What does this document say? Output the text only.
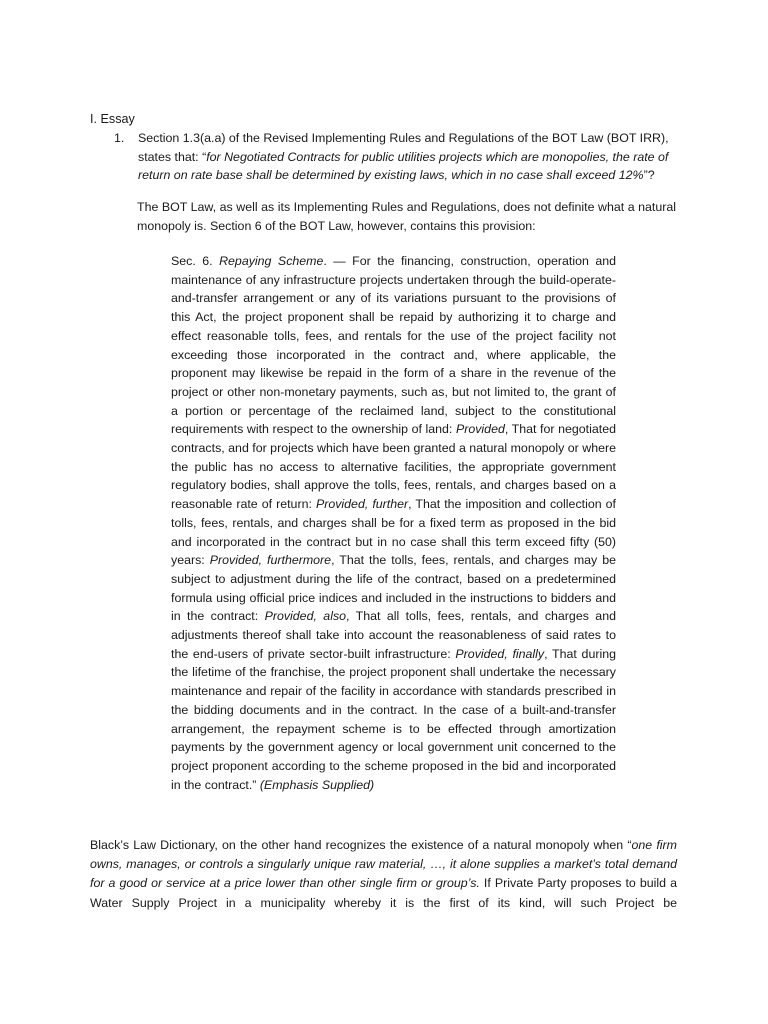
I. Essay
1.	Section 1.3(a.a) of the Revised Implementing Rules and Regulations of the BOT Law (BOT IRR), states that: “for Negotiated Contracts for public utilities projects which are monopolies, the rate of return on rate base shall be determined by existing laws, which in no case shall exceed 12%”?
The BOT Law, as well as its Implementing Rules and Regulations, does not definite what a natural monopoly is. Section 6 of the BOT Law, however, contains this provision:
Sec. 6. Repaying Scheme. — For the financing, construction, operation and maintenance of any infrastructure projects undertaken through the build-operate-and-transfer arrangement or any of its variations pursuant to the provisions of this Act, the project proponent shall be repaid by authorizing it to charge and effect reasonable tolls, fees, and rentals for the use of the project facility not exceeding those incorporated in the contract and, where applicable, the proponent may likewise be repaid in the form of a share in the revenue of the project or other non-monetary payments, such as, but not limited to, the grant of a portion or percentage of the reclaimed land, subject to the constitutional requirements with respect to the ownership of land: Provided, That for negotiated contracts, and for projects which have been granted a natural monopoly or where the public has no access to alternative facilities, the appropriate government regulatory bodies, shall approve the tolls, fees, rentals, and charges based on a reasonable rate of return: Provided, further, That the imposition and collection of tolls, fees, rentals, and charges shall be for a fixed term as proposed in the bid and incorporated in the contract but in no case shall this term exceed fifty (50) years: Provided, furthermore, That the tolls, fees, rentals, and charges may be subject to adjustment during the life of the contract, based on a predetermined formula using official price indices and included in the instructions to bidders and in the contract: Provided, also, That all tolls, fees, rentals, and charges and adjustments thereof shall take into account the reasonableness of said rates to the end-users of private sector-built infrastructure: Provided, finally, That during the lifetime of the franchise, the project proponent shall undertake the necessary maintenance and repair of the facility in accordance with standards prescribed in the bidding documents and in the contract. In the case of a built-and-transfer arrangement, the repayment scheme is to be effected through amortization payments by the government agency or local government unit concerned to the project proponent according to the scheme proposed in the bid and incorporated in the contract.” (Emphasis Supplied)
Black’s Law Dictionary, on the other hand recognizes the existence of a natural monopoly when “one firm owns, manages, or controls a singularly unique raw material, …, it alone supplies a market’s total demand for a good or service at a price lower than other single firm or group’s. If Private Party proposes to build a Water Supply Project in a municipality whereby it is the first of its kind, will such Project be
